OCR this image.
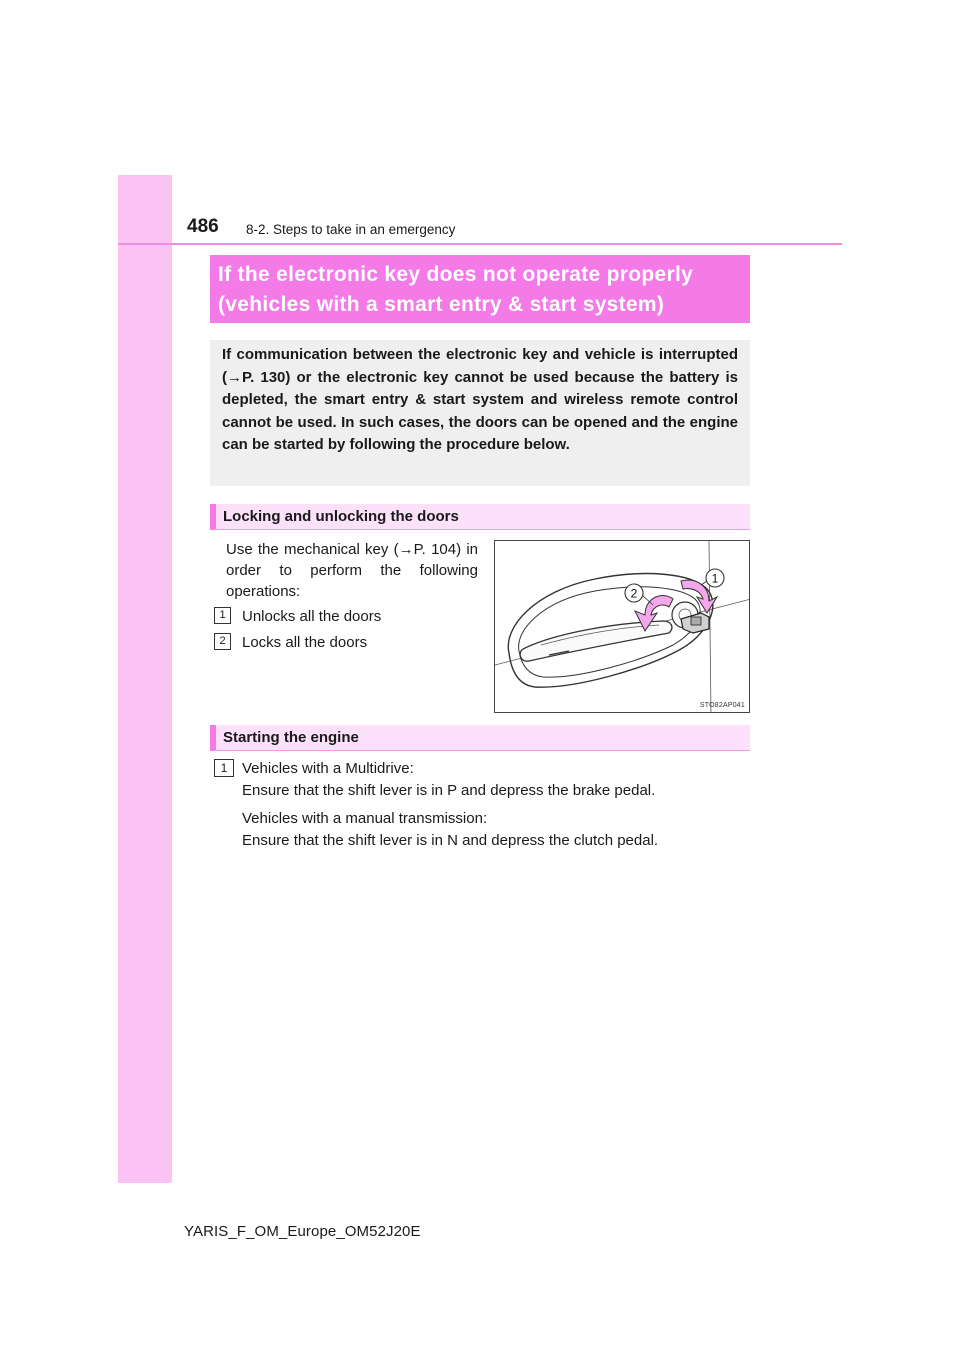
486 8-2. Steps to take in an emergency
If the electronic key does not operate properly
(vehicles with a smart entry & start system)

If communication between the electronic key and vehicle is interrupted (→P. 130) or the electronic key cannot be used because the battery is depleted, the smart entry & start system and wireless remote control cannot be used. In such cases, the doors can be opened and the engine can be started by following the procedure below.

Locking and unlocking the doors

Use the mechanical key (→P. 104) in order to perform the following operations:

1	Unlocks all the doors
2	Locks all the doors
2
1
STO82AP041
Starting the engine
1 Vehicles with a Multidrive:
Ensure that the shift lever is in P and depress the brake pedal.
Vehicles with a manual transmission:
Ensure that the shift lever is in N and depress the clutch pedal.
YARIS_F_OM_Europe_OM52J20E
